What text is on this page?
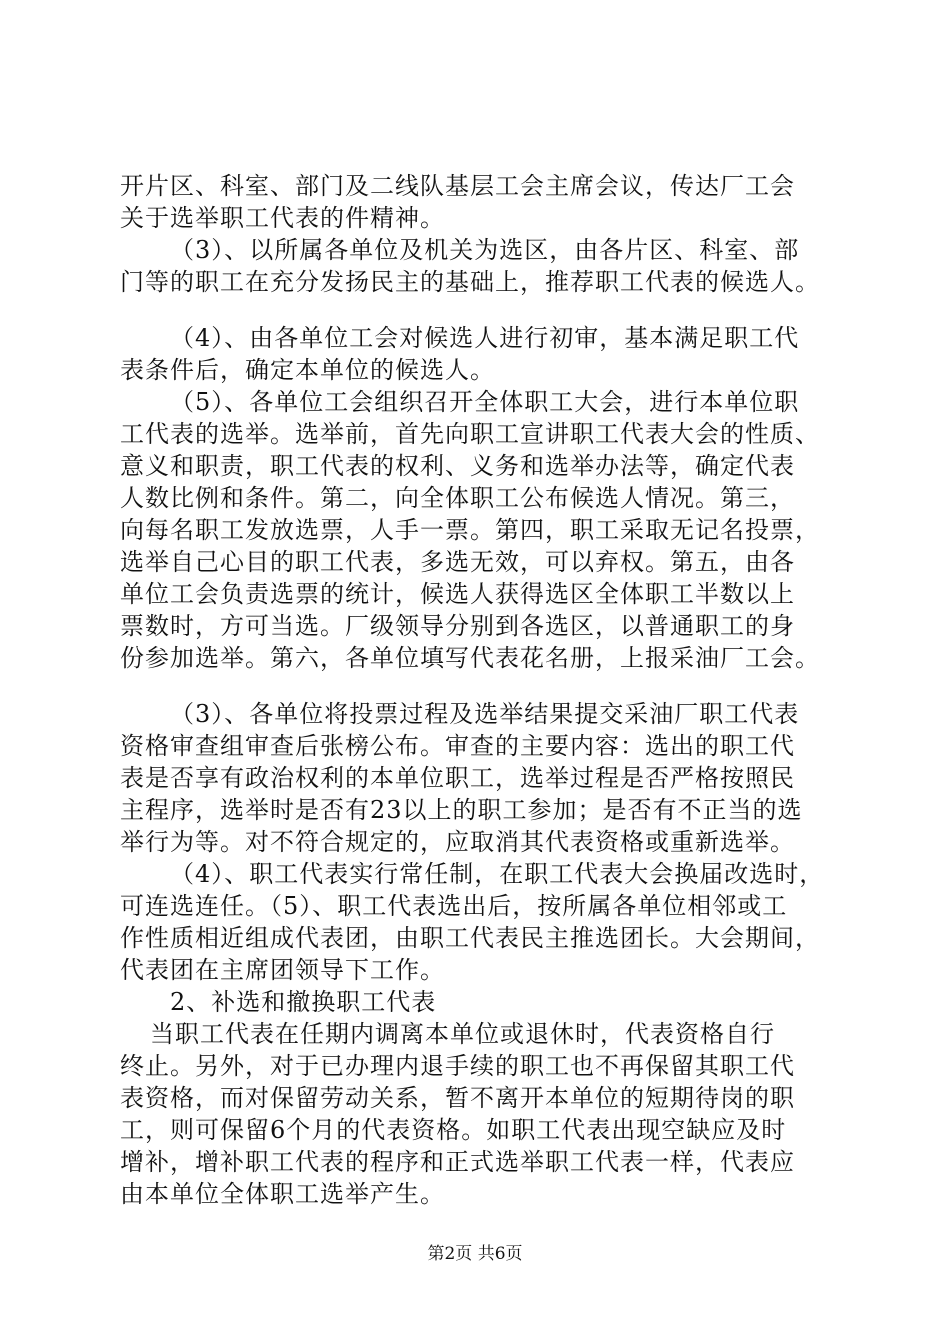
开片区、科室、部门及二线队基层工会主席会议，传达厂工会
关于选举职工代表的件精神。
（3）、以所属各单位及机关为选区，由各片区、科室、部
门等的职工在充分发扬民主的基础上，推荐职工代表的候选人。
（4）、由各单位工会对候选人进行初审，基本满足职工代
表条件后，确定本单位的候选人。
（5）、各单位工会组织召开全体职工大会，进行本单位职
工代表的选举。选举前，首先向职工宣讲职工代表大会的性质、
意义和职责，职工代表的权利、义务和选举办法等，确定代表
人数比例和条件。第二，向全体职工公布候选人情况。第三，
向每名职工发放选票，人手一票。第四，职工采取无记名投票，
选举自己心目的职工代表，多选无效，可以弃权。第五，由各
单位工会负责选票的统计，候选人获得选区全体职工半数以上
票数时，方可当选。厂级领导分别到各选区，以普通职工的身
份参加选举。第六，各单位填写代表花名册，上报采油厂工会。
（3）、各单位将投票过程及选举结果提交采油厂职工代表
资格审查组审查后张榜公布。审查的主要内容：选出的职工代
表是否享有政治权利的本单位职工，选举过程是否严格按照民
主程序，选举时是否有23以上的职工参加；是否有不正当的选
举行为等。对不符合规定的，应取消其代表资格或重新选举。
（4）、职工代表实行常任制，在职工代表大会换届改选时，
可连选连任。（5）、职工代表选出后，按所属各单位相邻或工
作性质相近组成代表团，由职工代表民主推选团长。大会期间，
代表团在主席团领导下工作。
2、补选和撤换职工代表
当职工代表在任期内调离本单位或退休时，代表资格自行
终止。另外，对于已办理内退手续的职工也不再保留其职工代
表资格，而对保留劳动关系，暂不离开本单位的短期待岗的职
工，则可保留6个月的代表资格。如职工代表出现空缺应及时
增补，增补职工代表的程序和正式选举职工代表一样，代表应
由本单位全体职工选举产生。
第2页 共6页
